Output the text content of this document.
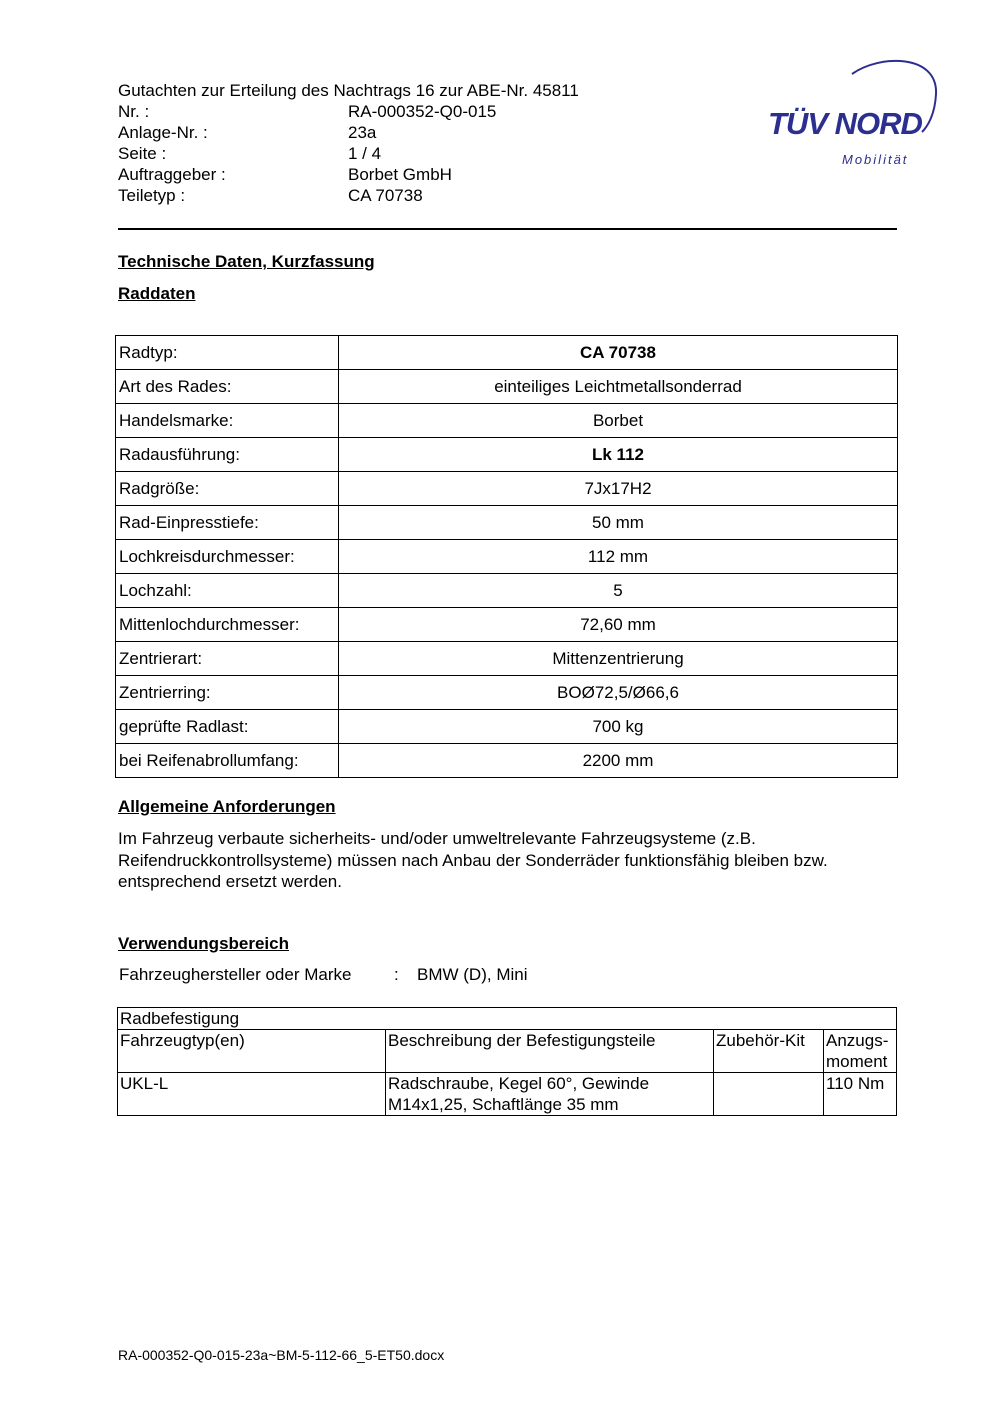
Gutachten zur Erteilung des Nachtrags 16 zur ABE-Nr. 45811
Nr. :	RA-000352-Q0-015
Anlage-Nr. :	23a
Seite :	1 / 4
Auftraggeber :	Borbet GmbH
Teiletyp :	CA 70738
TÜV NORD
Mobilität
Technische Daten, Kurzfassung
Raddaten
Radtyp:	CA 70738
Art des Rades:	einteiliges Leichtmetallsonderrad
Handelsmarke:	Borbet
Radausführung:	Lk 112
Radgröße:	7Jx17H2
Rad-Einpresstiefe:	50 mm
Lochkreisdurchmesser:	112 mm
Lochzahl:	5
Mittenlochdurchmesser:	72,60 mm
Zentrierart:	Mittenzentrierung
Zentrierring:	BOØ72,5/Ø66,6
geprüfte Radlast:	700 kg
bei Reifenabrollumfang:	2200 mm
Allgemeine Anforderungen
Im Fahrzeug verbaute sicherheits- und/oder umweltrelevante Fahrzeugsysteme (z.B. Reifendruckkontrollsysteme) müssen nach Anbau der Sonderräder funktionsfähig bleiben bzw. entsprechend ersetzt werden.
Verwendungsbereich
Fahrzeughersteller oder Marke	: BMW (D), Mini
Radbefestigung			
Fahrzeugtyp(en)	Beschreibung der Befestigungsteile	Zubehör-Kit	Anzugs-moment
UKL-L	Radschraube, Kegel 60°, Gewinde M14x1,25, Schaftlänge 35 mm		110 Nm
RA-000352-Q0-015-23a~BM-5-112-66_5-ET50.docx
